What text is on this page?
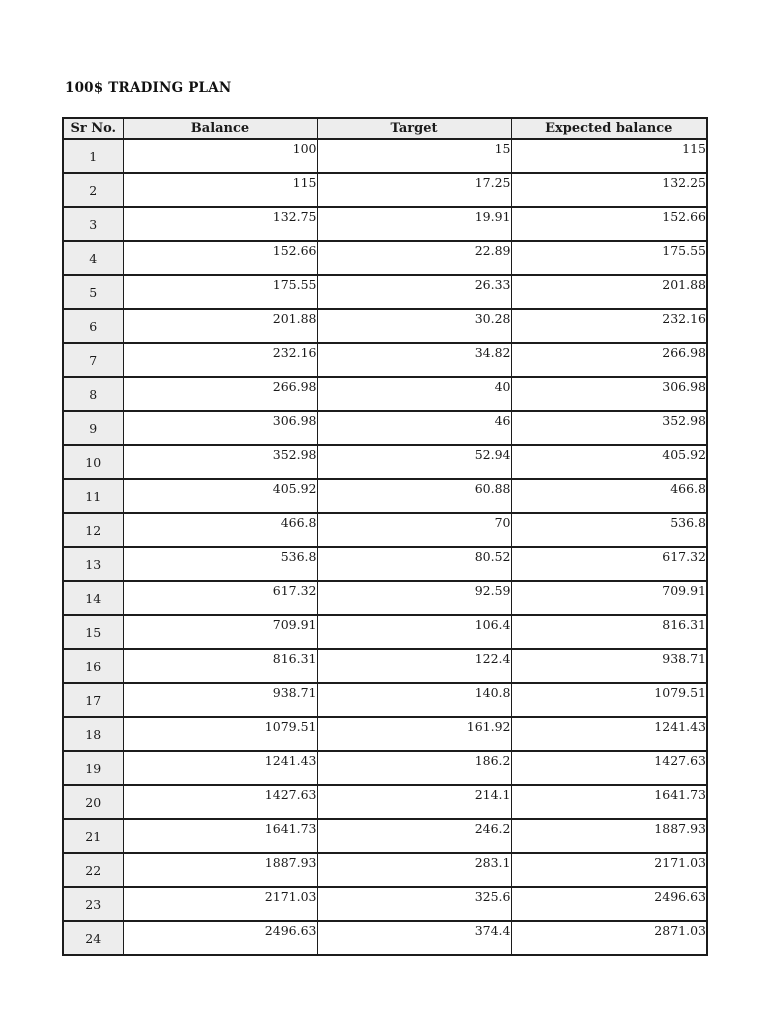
100$ TRADING PLAN
Sr No.	Balance	Target	Expected balance
1	100	15	115
2	115	17.25	132.25
3	132.75	19.91	152.66
4	152.66	22.89	175.55
5	175.55	26.33	201.88
6	201.88	30.28	232.16
7	232.16	34.82	266.98
8	266.98	40	306.98
9	306.98	46	352.98
10	352.98	52.94	405.92
11	405.92	60.88	466.8
12	466.8	70	536.8
13	536.8	80.52	617.32
14	617.32	92.59	709.91
15	709.91	106.4	816.31
16	816.31	122.4	938.71
17	938.71	140.8	1079.51
18	1079.51	161.92	1241.43
19	1241.43	186.2	1427.63
20	1427.63	214.1	1641.73
21	1641.73	246.2	1887.93
22	1887.93	283.1	2171.03
23	2171.03	325.6	2496.63
24	2496.63	374.4	2871.03
